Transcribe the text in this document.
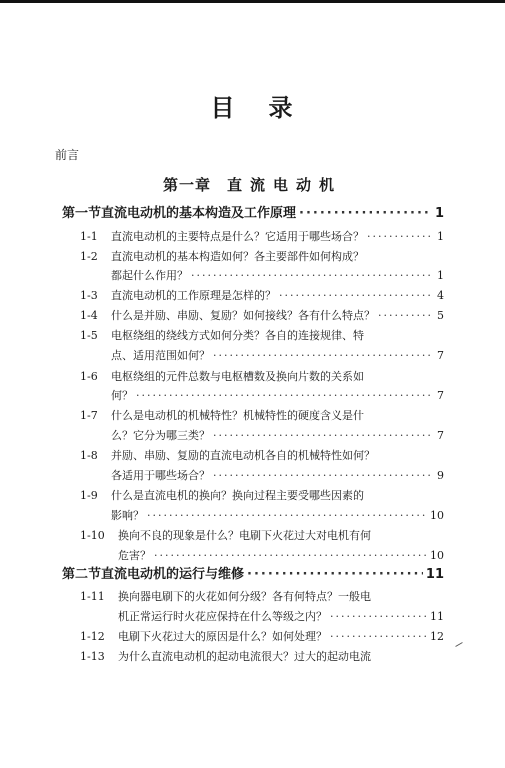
目 录
前言
第一章 直流电动机
第一节 直流电动机的基本构造及工作原理 ·····	1
1-1 直流电动机的主要特点是什么？它适用于哪些场合？ ·····	1
1-2 直流电动机的基本构造如何？各主要部件如何构成？
都起什么作用？ ·····	1
1-3 直流电动机的工作原理是怎样的？ ·····	4
1-4 什么是并励、串励、复励？如何接线？各有什么特点？ ·····	5
1-5 电枢绕组的绕线方式如何分类？各自的连接规律、特
点、适用范围如何？ ·····	7
1-6 电枢绕组的元件总数与电枢槽数及换向片数的关系如
何？ ·····	7
1-7 什么是电动机的机械特性？机械特性的硬度含义是什
么？它分为哪三类？ ·····	7
1-8 并励、串励、复励的直流电动机各自的机械特性如何？
各适用于哪些场合？ ·····	9
1-9 什么是直流电机的换向？换向过程主要受哪些因素的
影响？ ·····	10
1-10 换向不良的现象是什么？电刷下火花过大对电机有何
危害？ ·····	10
第二节 直流电动机的运行与维修 ·····	11
1-11 换向器电刷下的火花如何分级？各有何特点？一般电
机正常运行时火花应保持在什么等级之内？ ·····	11
1-12 电刷下火花过大的原因是什么？如何处理？ ·····	12
1-13 为什么直流电动机的起动电流很大？过大的起动电流
